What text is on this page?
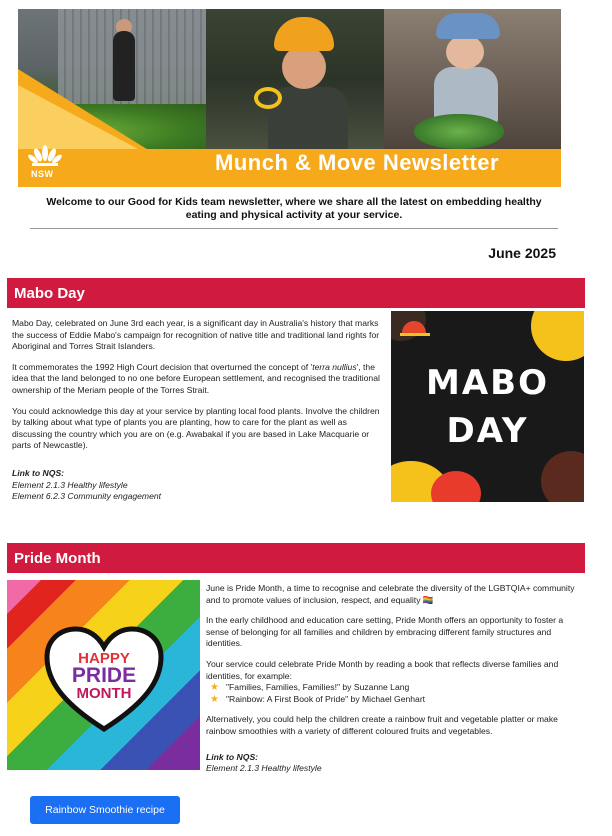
NSW	Munch & Move Newsletter
Welcome to our Good for Kids team newsletter, where we share all the latest on embedding healthy eating and physical activity at your service.
June 2025
Mabo Day

Mabo Day, celebrated on June 3rd each year, is a significant day in Australia's history that marks the success of Eddie Mabo's campaign for recognition of native title and traditional land rights for Aboriginal and Torres Strait Islanders.

It commemorates the 1992 High Court decision that overturned the concept of 'terra nullius', the idea that the land belonged to no one before European settlement, and recognised the traditional ownership of the Meriam people of the Torres Strait.

You could acknowledge this day at your service by planting local food plants. Involve the children by talking about what type of plants you are planting, how to care for the plant as well as discussing the country which you are on (e.g. Awabakal if you are based in Lake Macquarie or parts of Newcastle).

Link to NQS:
Element 2.1.3 Healthy lifestyle
Element 6.2.3 Community engagement
MABO
DAY
Pride Month
HAPPY
PRIDE
MONTH

June is Pride Month, a time to recognise and celebrate the diversity of the LGBTQIA+ community and to promote values of inclusion, respect, and equality 🏳️‍🌈

In the early childhood and education care setting, Pride Month offers an opportunity to foster a sense of belonging for all families and children by embracing different family structures and identities.

Your service could celebrate Pride Month by reading a book that reflects diverse families and identities, for example:
★ "Families, Families, Families!" by Suzanne Lang
★ "Rainbow: A First Book of Pride" by Michael Genhart

Alternatively, you could help the children create a rainbow fruit and vegetable platter or make rainbow smoothies with a variety of different coloured fruits and vegetables.

Link to NQS:
Element 2.1.3 Healthy lifestyle
Rainbow Smoothie recipe
